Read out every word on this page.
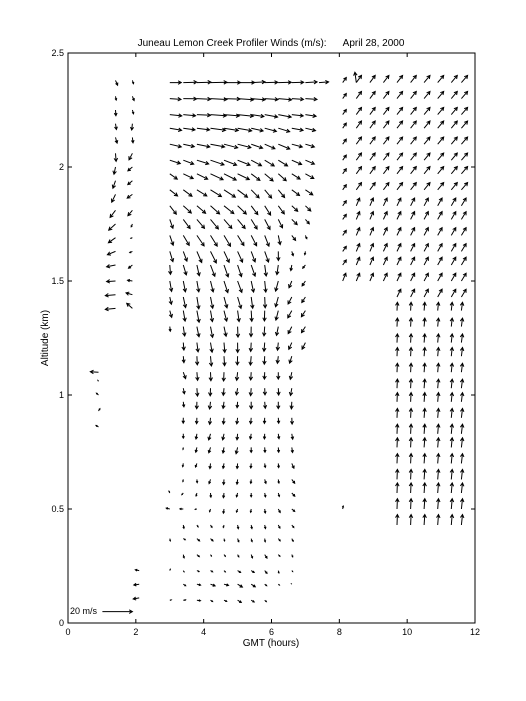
Juneau Lemon Creek Profiler Winds (m/s):      April 28, 2000
0	2	4	6	8	10	12
0
0.5
1
1.5
2
2.5
GMT (hours)
Altitude (km)
20 m/s
